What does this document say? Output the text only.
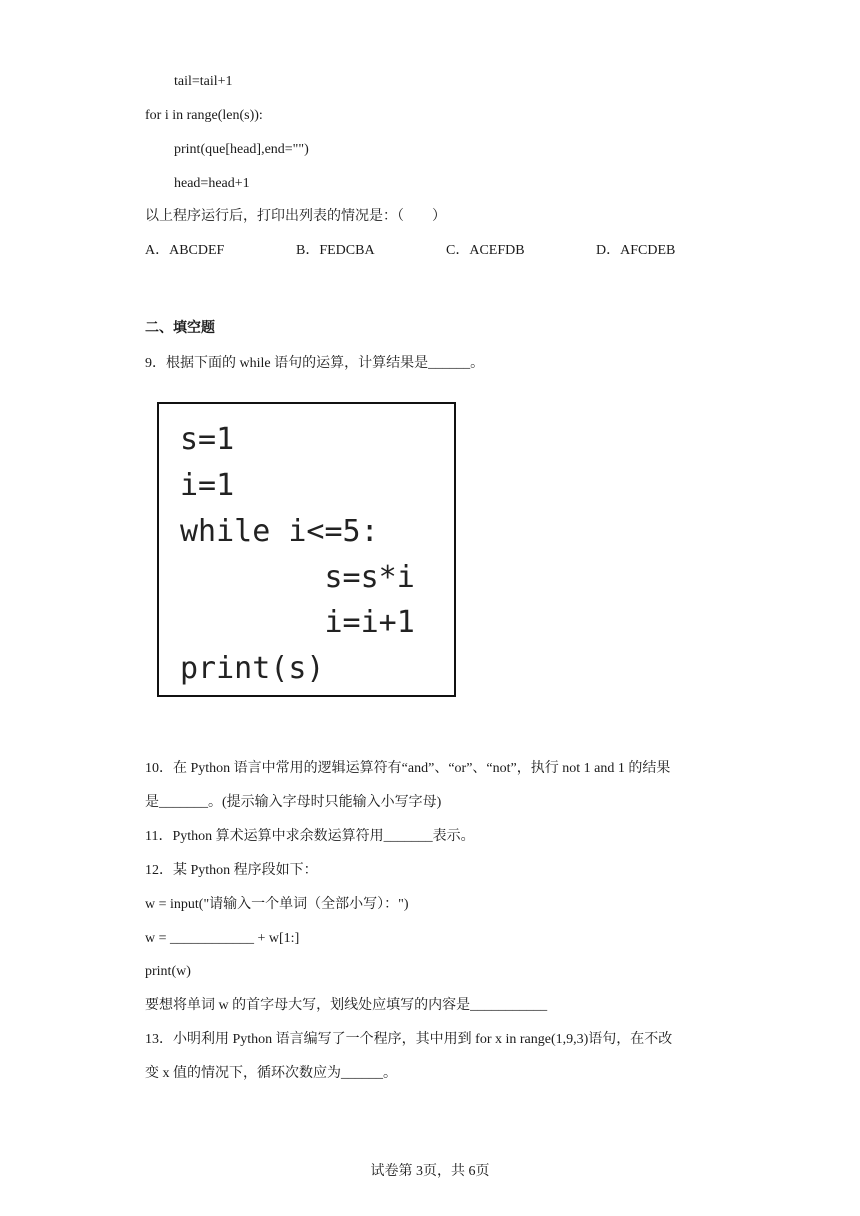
tail=tail+1
for i in range(len(s)):
print(que[head],end="")
head=head+1
以上程序运行后，打印出列表的情况是：（　　）
A．ABCDEF	B．FEDCBA	C．ACEFDB	D．AFCDEB
二、填空题
9．根据下面的 while 语句的运算，计算结果是______。
s=1
i=1
while i<=5:
s=s*i
i=i+1
print(s)
10．在 Python 语言中常用的逻辑运算符有“and”、“or”、“not”，执行 not 1 and 1 的结果
是_______。(提示输入字母时只能输入小写字母)
11．Python 算术运算中求余数运算符用_______表示。
12．某 Python 程序段如下：
w = input("请输入一个单词（全部小写）：")
w = ____________ + w[1:]
print(w)
要想将单词 w 的首字母大写，划线处应填写的内容是___________
13．小明利用 Python 语言编写了一个程序，其中用到 for x in range(1,9,3)语句，在不改
变 x 值的情况下，循环次数应为______。
试卷第 3页，共 6页
